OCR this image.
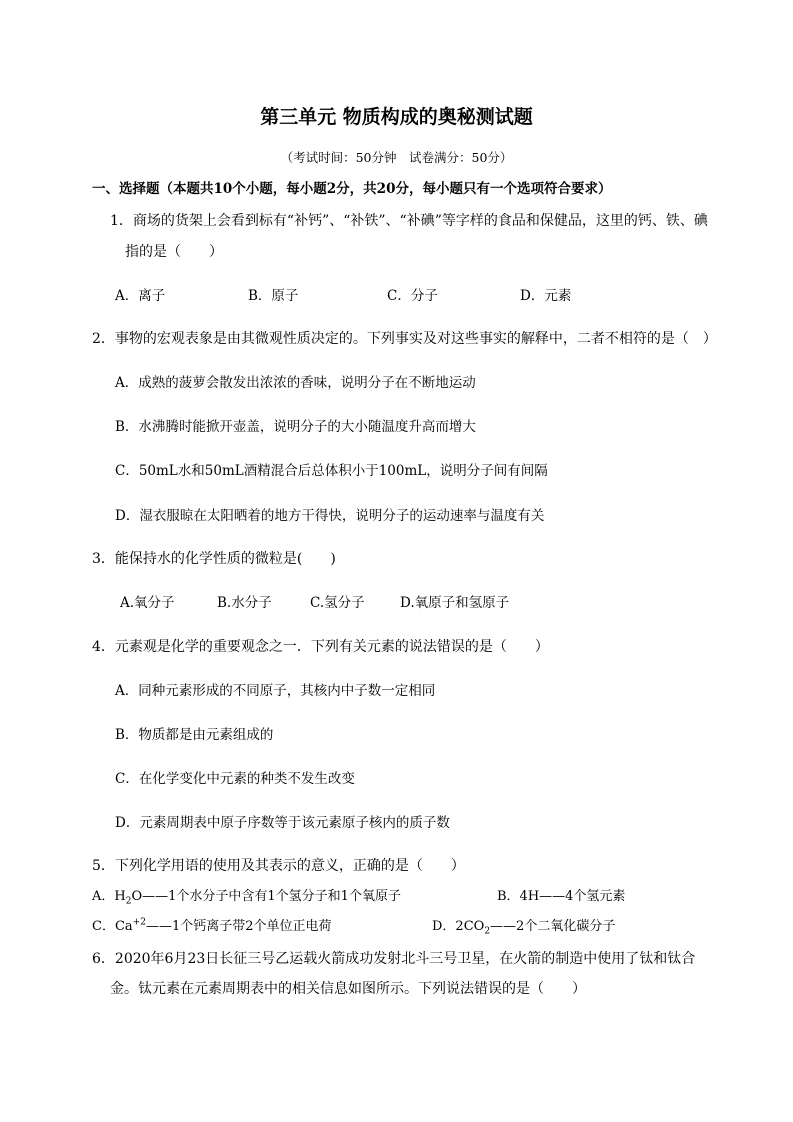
第三单元 物质构成的奥秘测试题
（考试时间：50分钟　试卷满分：50分）
一、选择题（本题共10个小题，每小题2分，共20分，每小题只有一个选项符合要求）
1．商场的货架上会看到标有“补钙”、“补铁”、“补碘”等字样的食品和保健品，这里的钙、铁、碘
指的是（　　）
A．离子	B．原子	C．分子	D．元素
2．事物的宏观表象是由其微观性质决定的。下列事实及对这些事实的解释中，二者不相符的是（　）
A．成熟的菠萝会散发出浓浓的香味，说明分子在不断地运动
B．水沸腾时能掀开壶盖，说明分子的大小随温度升高而增大
C．50mL水和50mL酒精混合后总体积小于100mL，说明分子间有间隔
D．湿衣服晾在太阳晒着的地方干得快，说明分子的运动速率与温度有关
3．能保持水的化学性质的微粒是(　　)
A.氧分子	B.水分子	C.氢分子	D.氧原子和氢原子
4．元素观是化学的重要观念之一．下列有关元素的说法错误的是（　　）
A．同种元素形成的不同原子，其核内中子数一定相同
B．物质都是由元素组成的
C．在化学变化中元素的种类不发生改变
D．元素周期表中原子序数等于该元素原子核内的质子数
5．下列化学用语的使用及其表示的意义，正确的是（　　）
A．$H_2O——1$个水分子中含有1个氢分子和1个氧原子	B．4H——4个氢元素
C．$Ca^{+2}——1$个钙离子带2个单位正电荷	D．$2CO_2——2$个二氧化碳分子
6．2020年6月23日长征三号乙运载火箭成功发射北斗三号卫星，在火箭的制造中使用了钛和钛合
金。钛元素在元素周期表中的相关信息如图所示。下列说法错误的是（　　）
